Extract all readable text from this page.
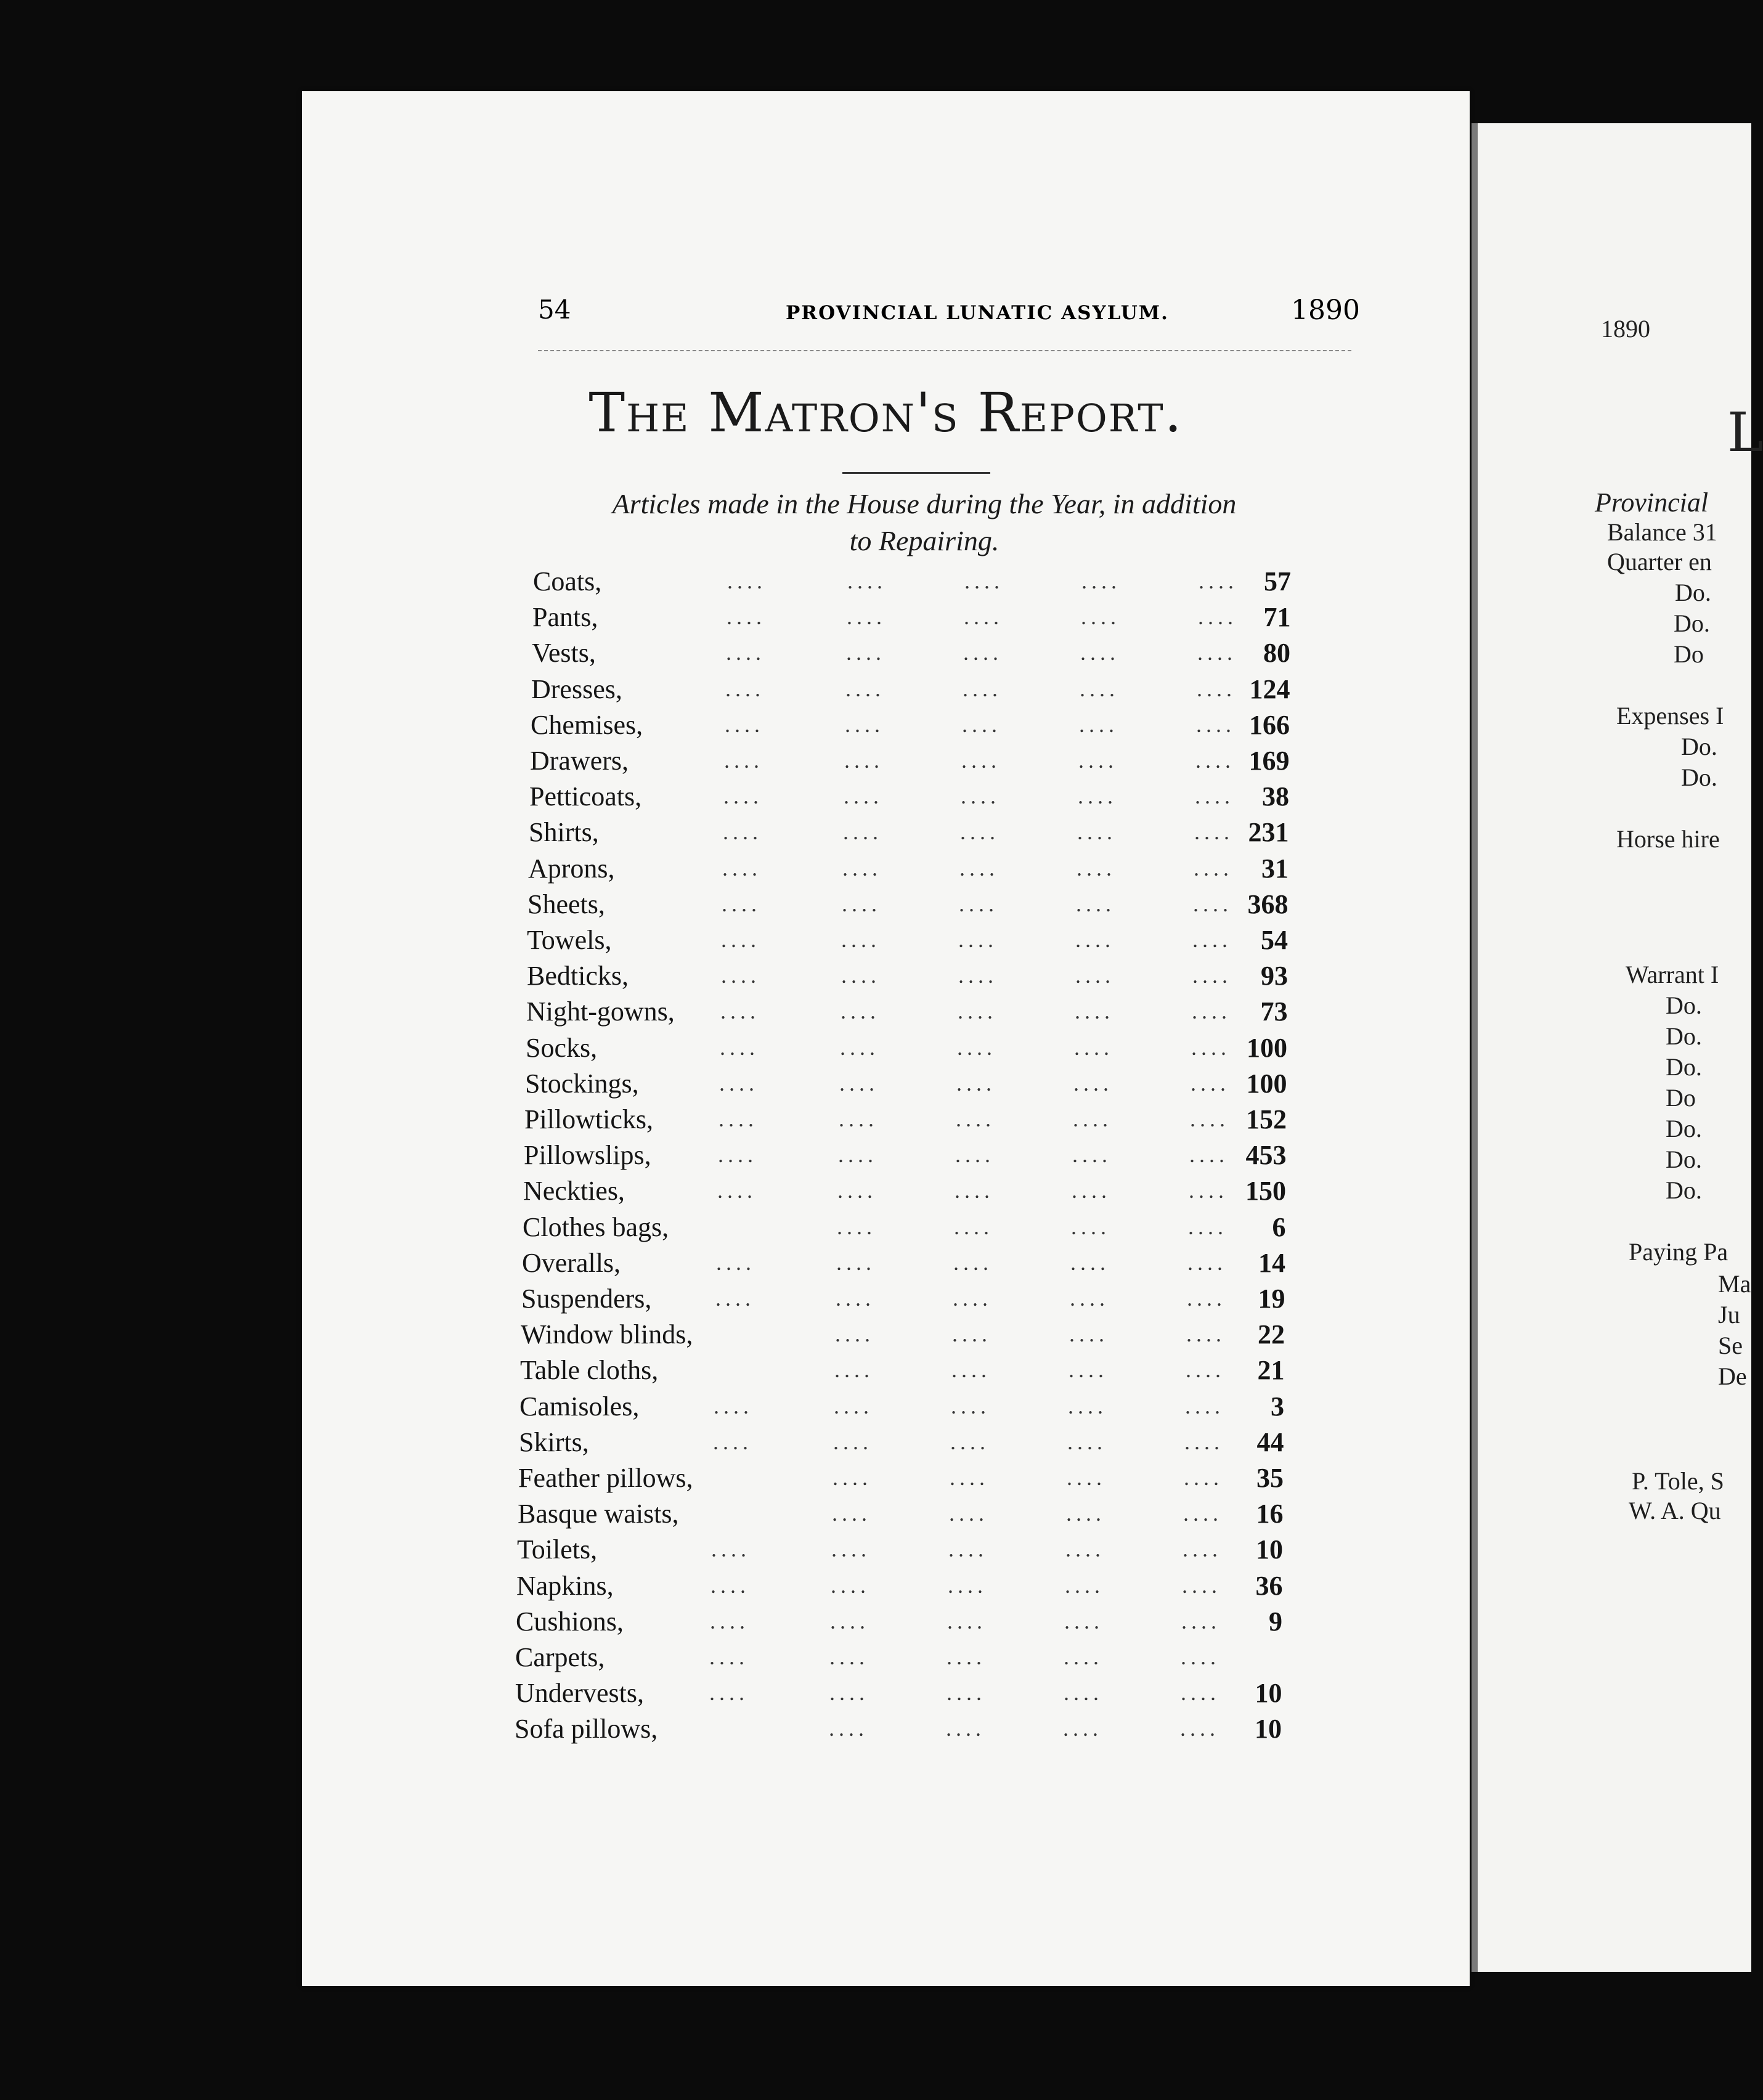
54	PROVINCIAL LUNATIC ASYLUM.	1890
The Matron's Report.
Articles made in the House during the Year, in addition
to Repairing.
Coats,	....	....	....	....	.... 57
Pants,	....	....	....	....	.... 71
Vests,	....	....	....	....	.... 80
Dresses,	....	....	....	....	.... 124
Chemises,	....	....	....	....	.... 166
Drawers,	....	....	....	....	.... 169
Petticoats,	....	....	....	....	.... 38
Shirts,	....	....	....	....	.... 231
Aprons,	....	....	....	....	.... 31
Sheets,	....	....	....	....	.... 368
Towels,	....	....	....	....	.... 54
Bedticks,	....	....	....	....	.... 93
Night-gowns, ....	....	....	....	.... 73
Socks,	....	....	....	....	.... 100
Stockings,	....	....	....	....	.... 100
Pillowticks,	....	....	....	....	.... 152
Pillowslips,	....	....	....	....	.... 453
Neckties,	....	....	....	....	.... 150
Clothes bags,	....	....	....	.... 6
Overalls,	....	....	....	....	.... 14
Suspenders,	....	....	....	....	.... 19
Window blinds,	....	....	....	.... 22
Table cloths,	....	....	....	.... 21
Camisoles,	....	....	....	....	.... 3
Skirts,	....	....	....	....	.... 44
Feather pillows,	....	....	....	.... 35
Basque waists,	....	....	....	.... 16
Toilets,	....	....	....	....	.... 10
Napkins,	....	....	....	....	.... 36
Cushions,	....	....	....	....	.... 9
Carpets,	....	....	....	....	....
Undervests,	....	....	....	....	.... 10
Sofa pillows,	....	....	....	.... 10
1890
L
Provincial
Balance 31
Quarter en
Do.
Do.
Do
Expenses I
Do.
Do.
Horse hire
Warrant I
Do.
Do.
Do.
Do
Do.
Do.
Do.
Paying Pa
Ma
Ju
Se
De
P. Tole, S
W. A. Qu
